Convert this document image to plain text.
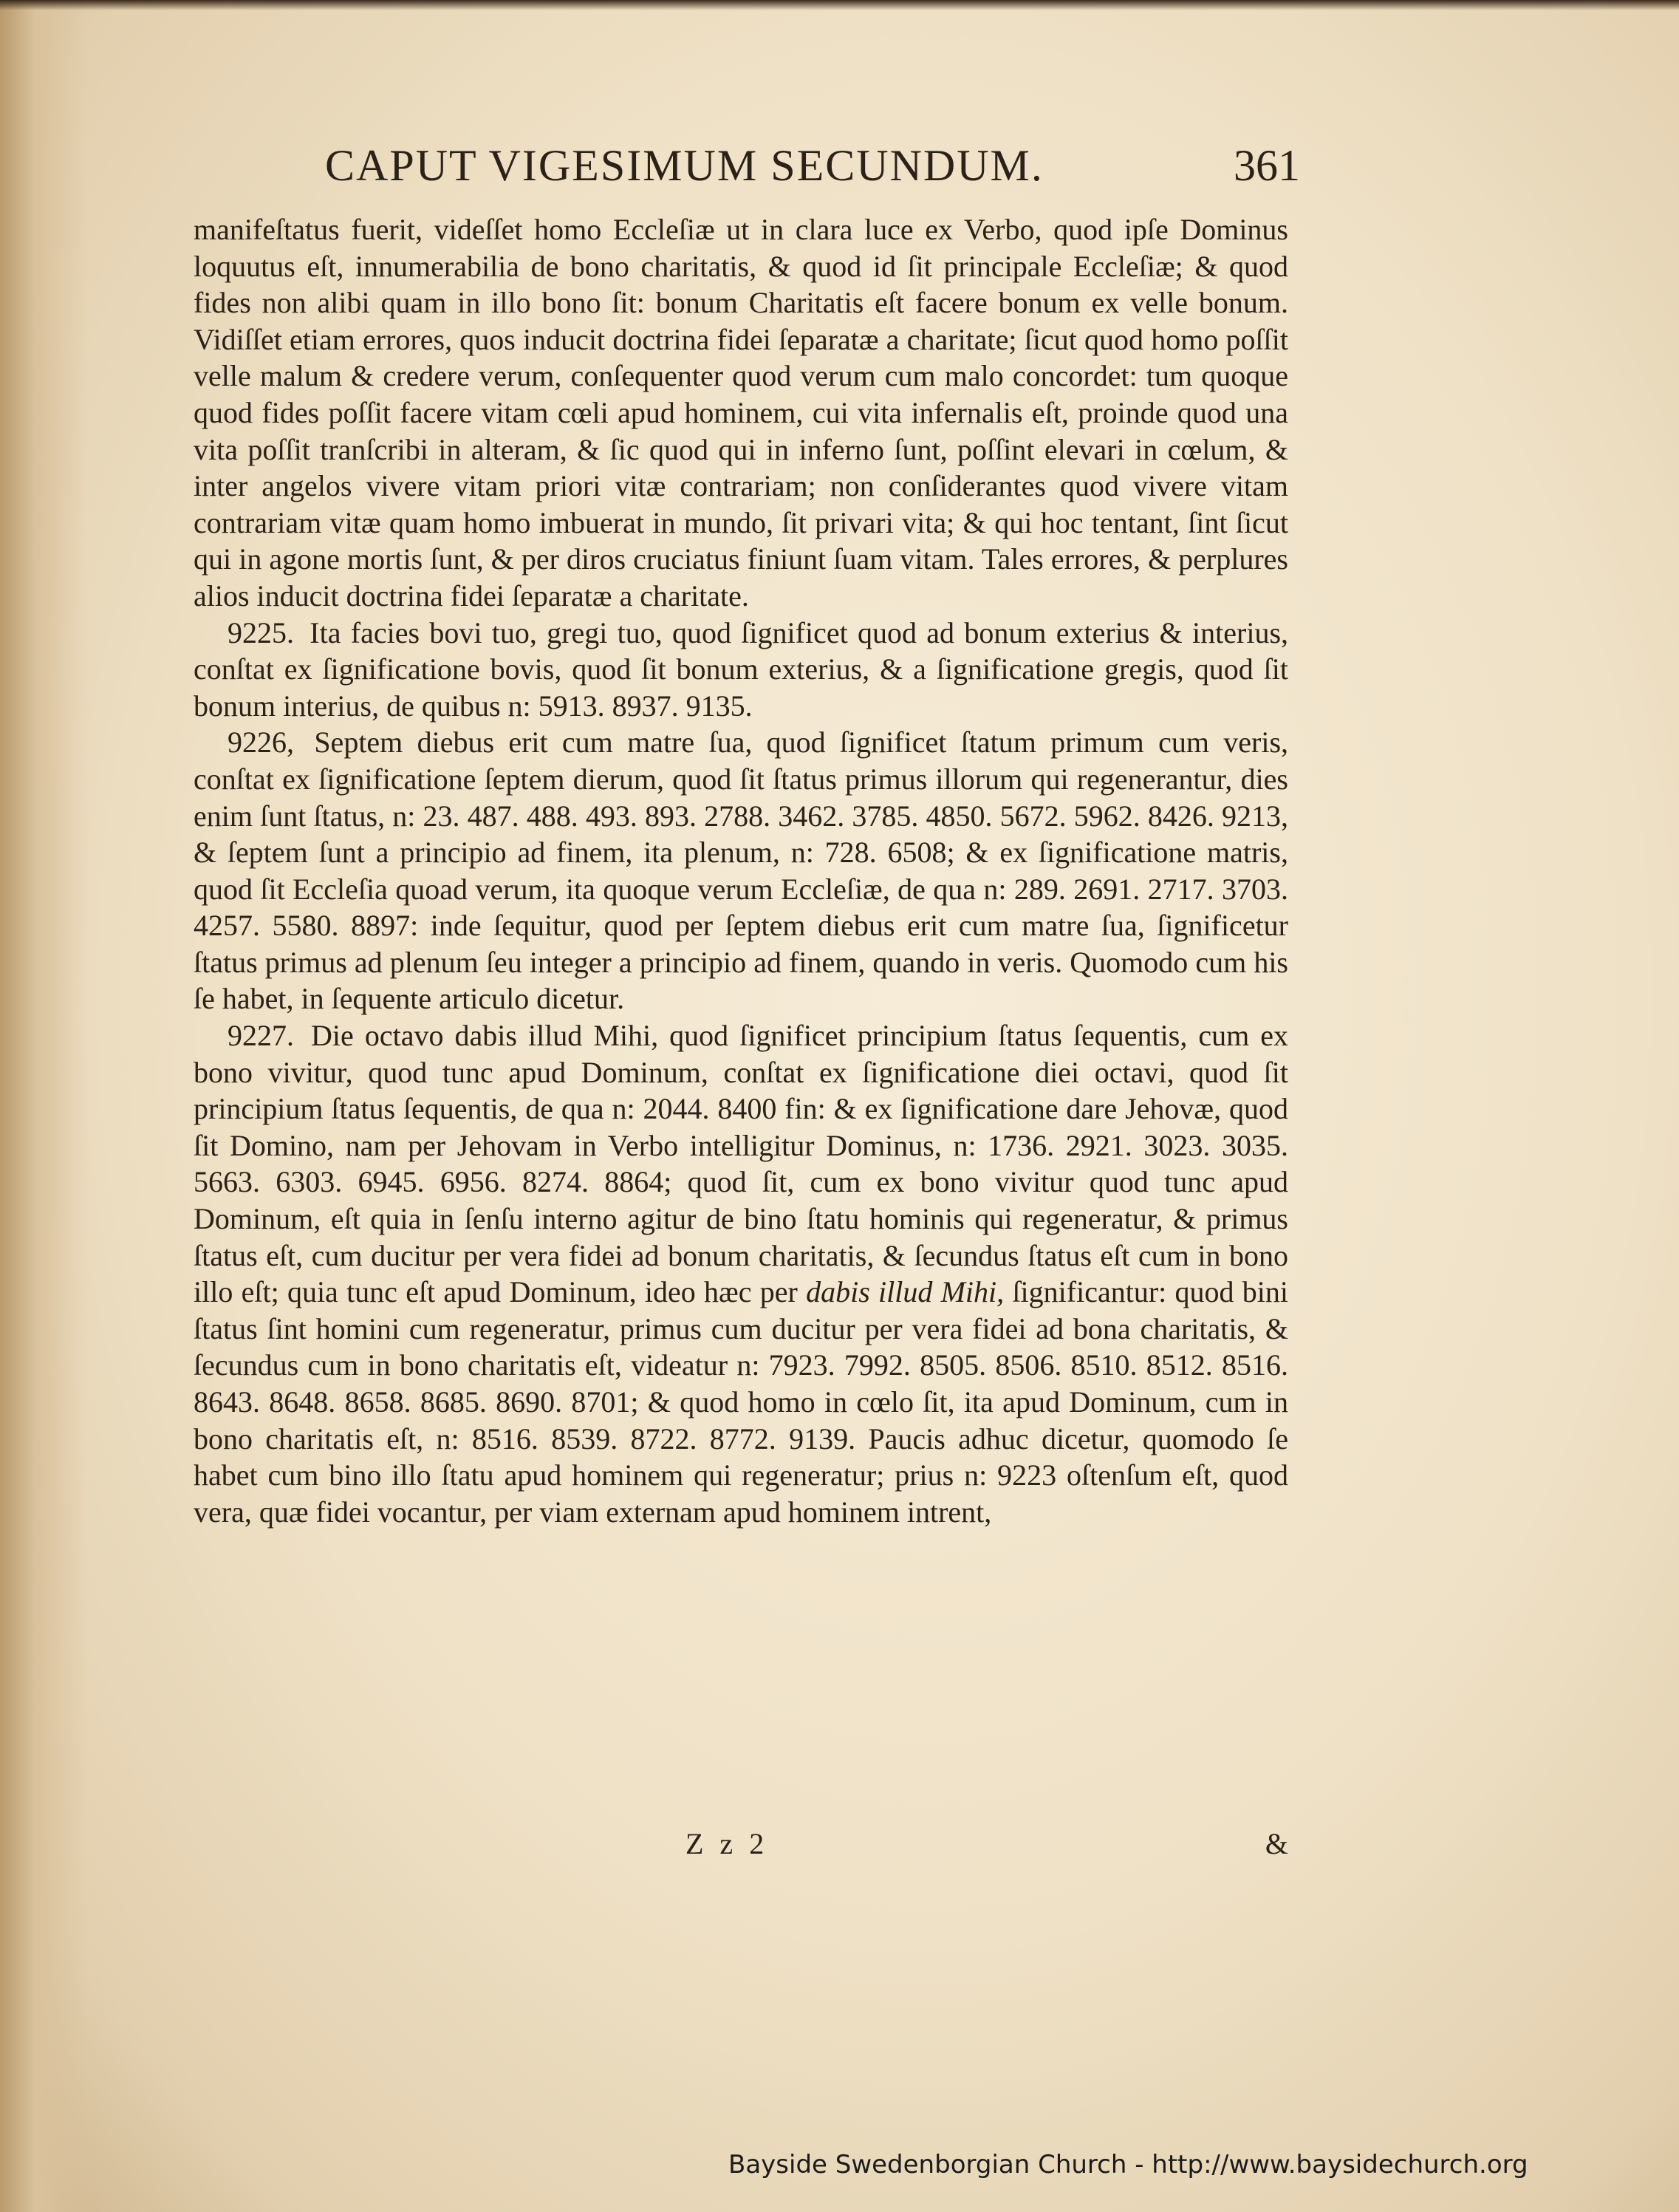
CAPUT VIGESIMUM SECUNDUM.	361

manifeſtatus fuerit, videſſet homo Eccleſiæ ut in clara luce ex Verbo, quod ipſe Dominus loquutus eſt, innumerabilia de bono charitatis, & quod id ſit principale Eccleſiæ; & quod fides non alibi quam in illo bono ſit: bonum Charitatis eſt facere bonum ex velle bonum. Vidiſſet etiam errores, quos inducit doctrina fidei ſeparatæ a charitate; ſicut quod homo poſſit velle malum & credere verum, conſequenter quod verum cum malo concordet: tum quoque quod fides poſſit facere vitam cœli apud hominem, cui vita infernalis eſt, proinde quod una vita poſſit tranſcribi in alteram, & ſic quod qui in inferno ſunt, poſſint elevari in cœlum, & inter angelos vivere vitam priori vitæ contrariam; non conſiderantes quod vivere vitam contrariam vitæ quam homo imbuerat in mundo, ſit privari vita; & qui hoc tentant, ſint ſicut qui in agone mortis ſunt, & per diros cruciatus finiunt ſuam vitam. Tales errores, & perplures alios inducit doctrina fidei ſeparatæ a charitate.

9225. Ita facies bovi tuo, gregi tuo, quod ſignificet quod ad bonum exterius & interius, conſtat ex ſignificatione bovis, quod ſit bonum exterius, & a ſignificatione gregis, quod ſit bonum interius, de quibus n: 5913. 8937. 9135.

9226, Septem diebus erit cum matre ſua, quod ſignificet ſtatum primum cum veris, conſtat ex ſignificatione ſeptem dierum, quod ſit ſtatus primus illorum qui regenerantur, dies enim ſunt ſtatus, n: 23. 487. 488. 493. 893. 2788. 3462. 3785. 4850. 5672. 5962. 8426. 9213, & ſeptem ſunt a principio ad finem, ita plenum, n: 728. 6508; & ex ſignificatione matris, quod ſit Eccleſia quoad verum, ita quoque verum Eccleſiæ, de qua n: 289. 2691. 2717. 3703. 4257. 5580. 8897: inde ſequitur, quod per ſeptem diebus erit cum matre ſua, ſignificetur ſtatus primus ad plenum ſeu integer a principio ad finem, quando in veris. Quomodo cum his ſe habet, in ſequente articulo dicetur.

9227. Die octavo dabis illud Mihi, quod ſignificet principium ſtatus ſequentis, cum ex bono vivitur, quod tunc apud Dominum, conſtat ex ſignificatione diei octavi, quod ſit principium ſtatus ſequentis, de qua n: 2044. 8400 fin: & ex ſignificatione dare Jehovæ, quod ſit Domino, nam per Jehovam in Verbo intelligitur Dominus, n: 1736. 2921. 3023. 3035. 5663. 6303. 6945. 6956. 8274. 8864; quod ſit, cum ex bono vivitur quod tunc apud Dominum, eſt quia in ſenſu interno agitur de bino ſtatu hominis qui regeneratur, & primus ſtatus eſt, cum ducitur per vera fidei ad bonum charitatis, & ſecundus ſtatus eſt cum in bono illo eſt; quia tunc eſt apud Dominum, ideo hæc per dabis illud Mihi, ſignificantur: quod bini ſtatus ſint homini cum regeneratur, primus cum ducitur per vera fidei ad bona charitatis, & ſecundus cum in bono charitatis eſt, videatur n: 7923. 7992. 8505. 8506. 8510. 8512. 8516. 8643. 8648. 8658. 8685. 8690. 8701; & quod homo in cœlo ſit, ita apud Dominum, cum in bono charitatis eſt, n: 8516. 8539. 8722. 8772. 9139. Paucis adhuc dicetur, quomodo ſe habet cum bino illo ſtatu apud hominem qui regeneratur; prius n: 9223 oſtenſum eſt, quod vera, quæ fidei vocantur, per viam externam apud hominem intrent,

Z z 2	&
Bayside Swedenborgian Church - http://www.baysidechurch.org
